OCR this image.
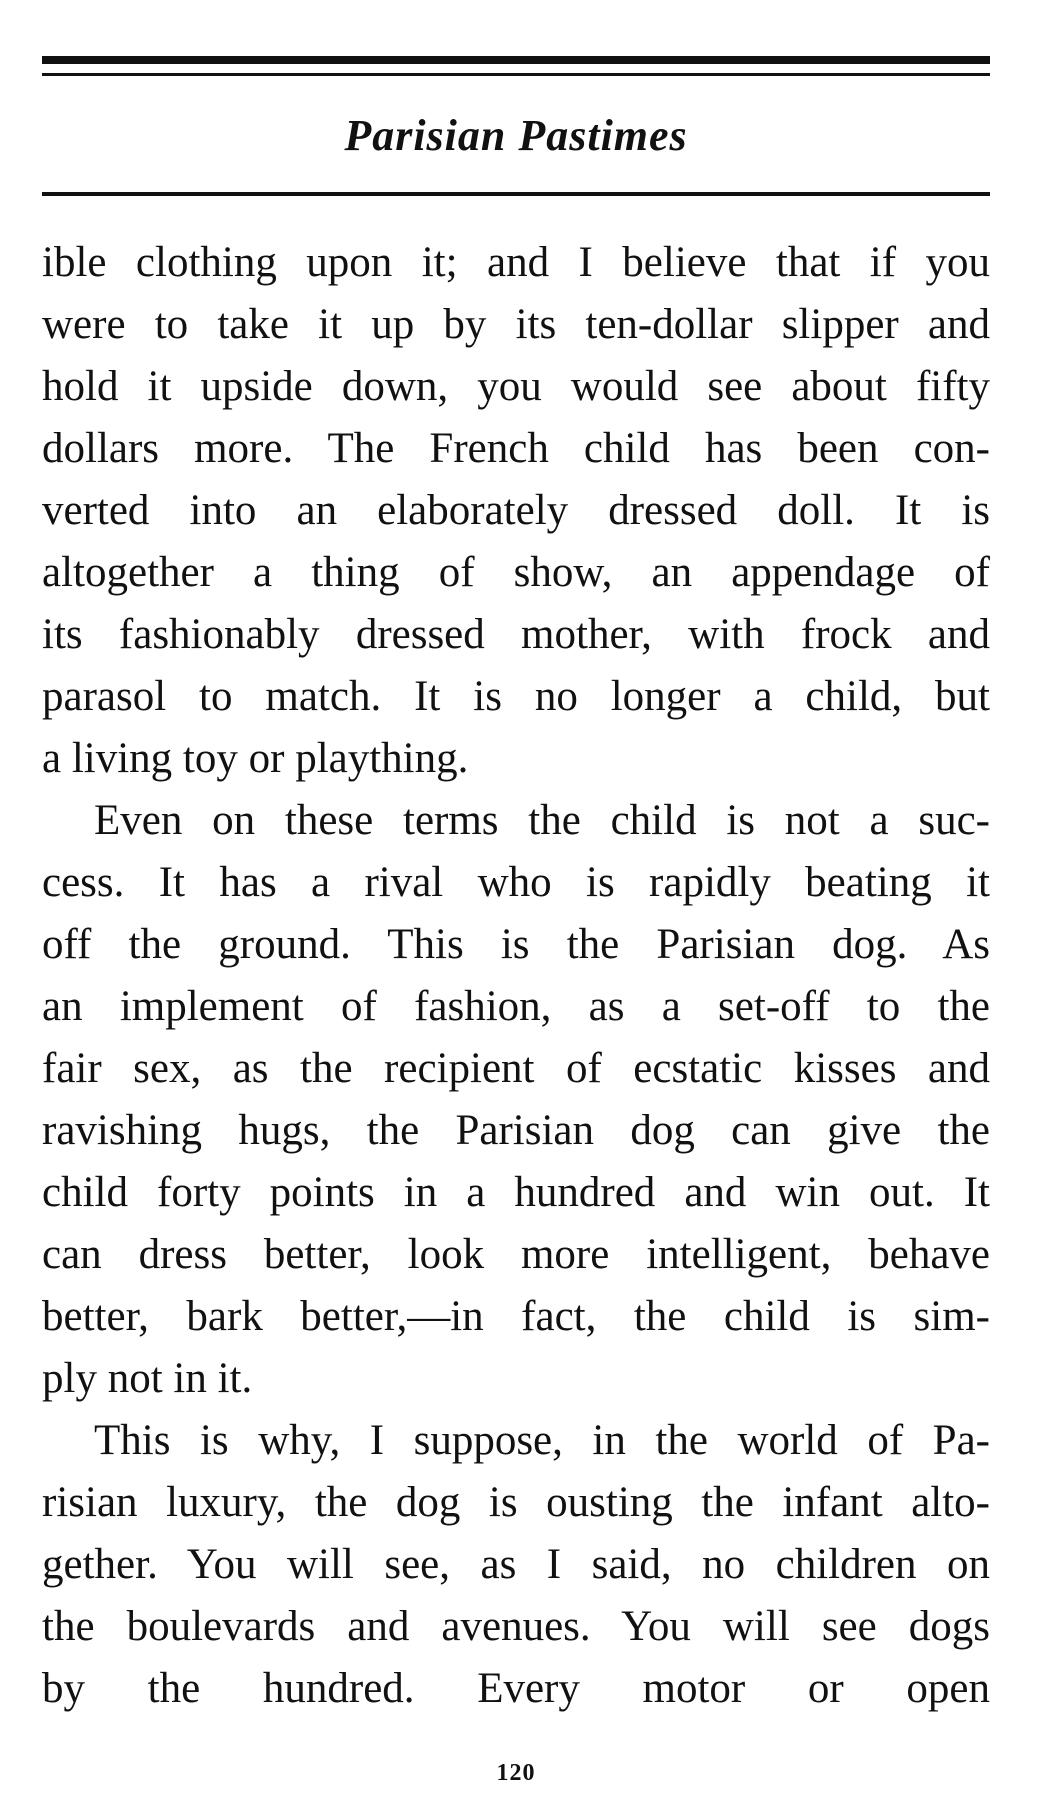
Parisian Pastimes
ible clothing upon it; and I believe that if you
were to take it up by its ten-dollar slipper and
hold it upside down, you would see about fifty
dollars more. The French child has been con-
verted into an elaborately dressed doll. It is
altogether a thing of show, an appendage of
its fashionably dressed mother, with frock and
parasol to match. It is no longer a child, but
a living toy or plaything.
Even on these terms the child is not a suc-
cess. It has a rival who is rapidly beating it
off the ground. This is the Parisian dog. As
an implement of fashion, as a set-off to the
fair sex, as the recipient of ecstatic kisses and
ravishing hugs, the Parisian dog can give the
child forty points in a hundred and win out. It
can dress better, look more intelligent, behave
better, bark better,—in fact, the child is sim-
ply not in it.
This is why, I suppose, in the world of Pa-
risian luxury, the dog is ousting the infant alto-
gether. You will see, as I said, no children on
the boulevards and avenues. You will see dogs
by the hundred. Every motor or open
120
